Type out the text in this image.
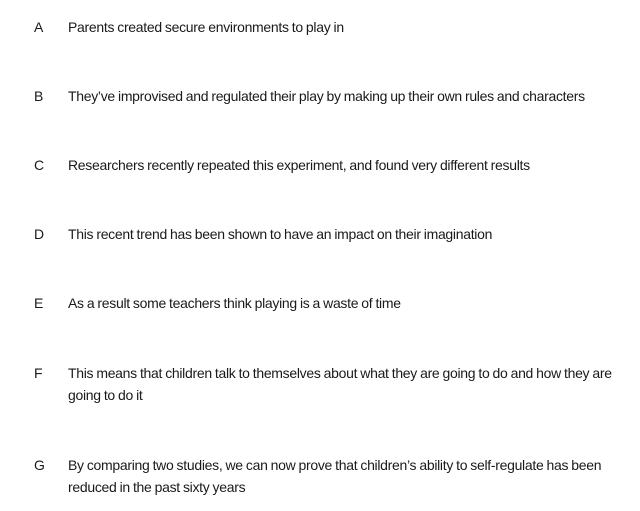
A Parents created secure environments to play in
B They’ve improvised and regulated their play by making up their own rules and characters
C Researchers recently repeated this experiment, and found very different results
D This recent trend has been shown to have an impact on their imagination
E As a result some teachers think playing is a waste of time
F This means that children talk to themselves about what they are going to do and how they are going to do it
G By comparing two studies, we can now prove that children’s ability to self-regulate has been reduced in the past sixty years
